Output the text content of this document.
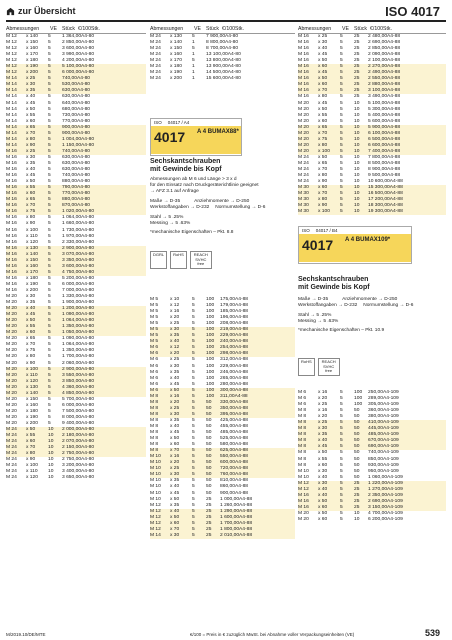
zur Übersicht	ISO 4017
Abmessungen	VE Stück €/100Stk.
M 12	x 140	5	1 364,00A4-80
M 12	x 150	5	2 850,00A4-80
M 12	x 160	5	3 600,00A4-80
M 12	x 170	5	3 990,00A4-80
M 12	x 180	5	4 200,00A4-80
M 12	x 190	5	5 100,00A4-80
M 12	x 200	5	6 000,00A4-80
M 14	x 25	5	740,00A4-80
M 14	x 30	5	530,00A4-80
M 14	x 35	5	630,00A4-80
M 14	x 40	5	630,00A4-80
M 14	x 45	5	640,00A4-80
M 14	x 50	5	680,00A4-80
M 14	x 55	5	730,00A4-80
M 14	x 60	5	770,00A4-80
M 14	x 65	5	900,00A4-80
M 14	x 70	5	900,00A4-80
M 14	x 80	5	1 004,00A4-80
M 14	x 90	5	1 150,00A4-80
M 16	x 25	5	740,00A4-80
M 16	x 30	5	630,00A4-80
M 16	x 35	5	630,00A4-80
M 16	x 40	5	630,00A4-80
M 16	x 45	5	740,00A4-80
M 16	x 50	5	880,00A4-80
M 16	x 55	5	790,00A4-80
M 16	x 60	5	770,00A4-80
M 16	x 65	5	880,00A4-80
M 16	x 70	5	870,00A4-80
M 16	x 75	5	1 020,00A4-80
M 16	x 80	5	1 064,00A4-80
M 16	x 90	5	1 660,00A4-80
M 16	x 100	5	1 730,00A4-80
M 16	x 110	5	1 970,00A4-80
M 16	x 120	5	2 330,00A4-80
M 16	x 130	5	2 900,00A4-80
M 16	x 140	5	3 070,00A4-80
M 16	x 150	5	3 350,00A4-80
M 16	x 160	5	3 600,00A4-80
M 16	x 170	5	4 750,00A4-80
M 16	x 180	5	5 200,00A4-80
M 16	x 190	5	6 000,00A4-80
M 16	x 200	5	7 000,00A4-80
M 20	x 30	5	1 330,00A4-80
M 20	x 35	5	1 900,00A4-80
M 20	x 40	5	1 200,00A4-80
M 20	x 45	5	1 090,00A4-80
M 20	x 50	5	1 064,00A4-80
M 20	x 55	5	1 350,00A4-80
M 20	x 60	5	1 050,00A4-80
M 20	x 65	5	1 090,00A4-80
M 20	x 70	5	1 064,00A4-80
M 20	x 75	5	1 350,00A4-80
M 20	x 80	5	1 700,00A4-80
M 20	x 90	5	2 060,00A4-80
M 20	x 100	5	2 900,00A4-80
M 20	x 110	5	3 550,00A4-80
M 20	x 120	5	3 850,00A4-80
M 20	x 130	5	4 360,00A4-80
M 20	x 140	5	4 850,00A4-80
M 20	x 150	5	5 700,00A4-80
M 20	x 160	5	6 000,00A4-80
M 20	x 180	5	7 500,00A4-80
M 20	x 190	5	8 000,00A4-80
M 20	x 200	5	9 400,00A4-80
M 24	x 50	10	2 000,00A4-80
M 24	x 55	10	2 180,00A4-80
M 24	x 60	10	2 070,00A4-80
M 24	x 70	10	2 150,00A4-80
M 24	x 80	10	2 750,00A4-80
M 24	x 90	10	2 750,00A4-80
M 24	x 100	10	3 200,00A4-80
M 24	x 110	10	3 400,00A4-80
M 24	x 120	10	3 650,00A4-80
Abmessungen	VE Stück €/100Stk.
M 24	x 130	5	7 900,00A4-80
M 24	x 140	1	8 800,00A4-80
M 24	x 150	5	8 700,00A4-80
M 24	x 160	1	13 100,00A4-80
M 24	x 170	5	13 800,00A4-80
M 24	x 180	1	13 900,00A4-80
M 24	x 190	1	14 500,00A4-80
M 24	x 200	1	15 600,00A4-80
ISO	04017 / A4
4017	A 4 BUMAX88*
Sechskantschrauben
mit Gewinde bis Kopf
Abmessungen ab M 6 und Länge > 3 x d
für den Einsatz nach Druckgeräterichtlinie geeignet
→ AFZ 3.1 auf Anfrage
Maße → D-35	Anziehmomente → D-250
Werkstoffangaben → D-232 Normumstellung → D-6
Stahl → 5 .25%
Messing → 5 .63%
*mechanische Eigenschaften – Pkt. 8.8
DGRL	RoHS	REACH SVHC free
M 5	x 10	5	100	175,00A4-88
M 5	x 12	5	100	179,00A4-88
M 5	x 16	5	100	185,00A4-88
M 5	x 20	5	100	196,00A4-88
M 5	x 25	5	100	208,00A4-88
M 5	x 30	5	100	219,00A4-88
M 5	x 35	5	100	229,00A4-88
M 5	x 40	5	100	240,00A4-88
M 6	x 12	5	100	254,00A4-88
M 6	x 20	5	100	298,00A4-88
M 6	x 25	5	100	312,00A4-88
M 6	x 30	5	100	229,00A4-88
M 6	x 35	5	100	246,00A4-88
M 6	x 40	5	100	265,00A4-88
M 6	x 45	5	100	280,00A4-88
M 6	x 50	5	100	300,00A4-88
M 8	x 16	5	100	311,00A4-88
M 8	x 20	5	50	330,00A4-88
M 8	x 25	5	50	350,00A4-88
M 8	x 30	5	50	395,00A4-88
M 8	x 35	5	50	425,00A4-88
M 8	x 40	5	50	455,00A4-88
M 8	x 45	5	50	485,00A4-88
M 8	x 50	5	50	525,00A4-88
M 8	x 60	5	50	580,00A4-88
M 8	x 70	5	50	625,00A4-88
M 10	x 16	5	50	550,00A4-88
M 10	x 20	5	50	600,00A4-88
M 10	x 25	5	50	720,00A4-88
M 10	x 30	5	50	760,00A4-88
M 10	x 35	5	50	810,00A4-88
M 10	x 40	5	50	860,00A4-88
M 10	x 45	5	50	900,00A4-88
M 10	x 50	5	25	1 000,00A4-88
M 12	x 35	5	25	1 260,00A4-88
M 12	x 40	5	25	1 290,00A4-88
M 12	x 50	5	25	1 600,00A4-88
M 12	x 60	5	25	1 700,00A4-88
M 12	x 70	5	25	1 800,00A4-88
M 14	x 30	5	25	2 010,00A4-88
Abmessungen	VE Stück €/100Stk.
M 16	x 25	5	25	2 480,00A4-88
M 16	x 30	5	25	2 690,00A4-88
M 16	x 40	5	25	2 850,00A4-88
M 16	x 45	5	25	2 090,00A4-88
M 16	x 50	5	25	2 100,00A4-88
M 16	x 60	5	25	2 270,00A4-88
M 16	x 45	5	25	2 490,00A4-88
M 16	x 50	5	25	2 550,00A4-88
M 16	x 60	5	25	2 880,00A4-88
M 16	x 70	5	25	3 100,00A4-88
M 16	x 80	5	25	3 490,00A4-88
M 20	x 45	5	10	5 100,00A4-88
M 20	x 50	5	10	5 300,00A4-88
M 20	x 55	5	10	5 400,00A4-88
M 20	x 60	5	10	5 600,00A4-88
M 20	x 65	5	10	5 900,00A4-88
M 20	x 70	5	10	6 100,00A4-88
M 20	x 75	5	10	6 500,00A4-88
M 20	x 80	5	10	6 600,00A4-88
M 20	x 100	5	10	7 400,00A4-88
M 24	x 50	5	10	7 800,00A4-88
M 24	x 65	5	10	8 500,00A4-88
M 24	x 70	5	10	8 900,00A4-88
M 24	x 80	5	10	9 500,00A4-88
M 24	x 90	5	10	10 600,00A4-88
M 30	x 60	5	10	15 300,00A4-88
M 30	x 70	5	10	16 500,00A4-88
M 30	x 80	5	10	17 200,00A4-88
M 30	x 90	5	10	18 300,00A4-88
M 30	x 100	5	10	19 300,00A4-88
ISO	04017 / B4
4017	A 4 BUMAX109*
Sechskantschrauben
mit Gewinde bis Kopf
Maße → D-35	Anziehmomente → D-250
Werkstoffangaben → D-232 Normumstellung → D-6
Stahl → 5 .25%
Messing → 5 .63%
*mechanische Eigenschaften – Pkt. 10.9
RoHS	REACH SVHC free
M 6	x 16	5	100	250,00A4-109
M 6	x 20	5	100	289,00A4-109
M 6	x 25	5	100	305,00A4-109
M 8	x 16	5	50	360,00A4-109
M 8	x 20	5	50	380,00A4-109
M 8	x 25	5	50	410,00A4-109
M 8	x 30	5	50	445,00A4-109
M 8	x 35	5	50	485,00A4-109
M 8	x 40	5	50	670,00A4-109
M 8	x 45	5	50	690,00A4-109
M 8	x 50	5	50	740,00A4-109
M 8	x 55	5	50	850,00A4-109
M 8	x 60	5	50	930,00A4-109
M 10	x 30	5	50	950,00A4-109
M 10	x 40	5	50	1 060,00A4-109
M 12	x 30	5	25	1 220,00A4-109
M 12	x 40	5	25	1 270,00A4-109
M 16	x 40	5	25	2 350,00A4-109
M 16	x 50	5	25	2 690,00A4-109
M 16	x 60	5	25	3 150,00A4-109
M 20	x 50	5	10	4 700,00A4-109
M 20	x 60	5	10	6 200,00A4-109
M/2019.10/DE/MTE	€/100 = Preis in € zuzüglich MwSt. bei Abnahme voller Verpackungseinheiten (VE)	539
